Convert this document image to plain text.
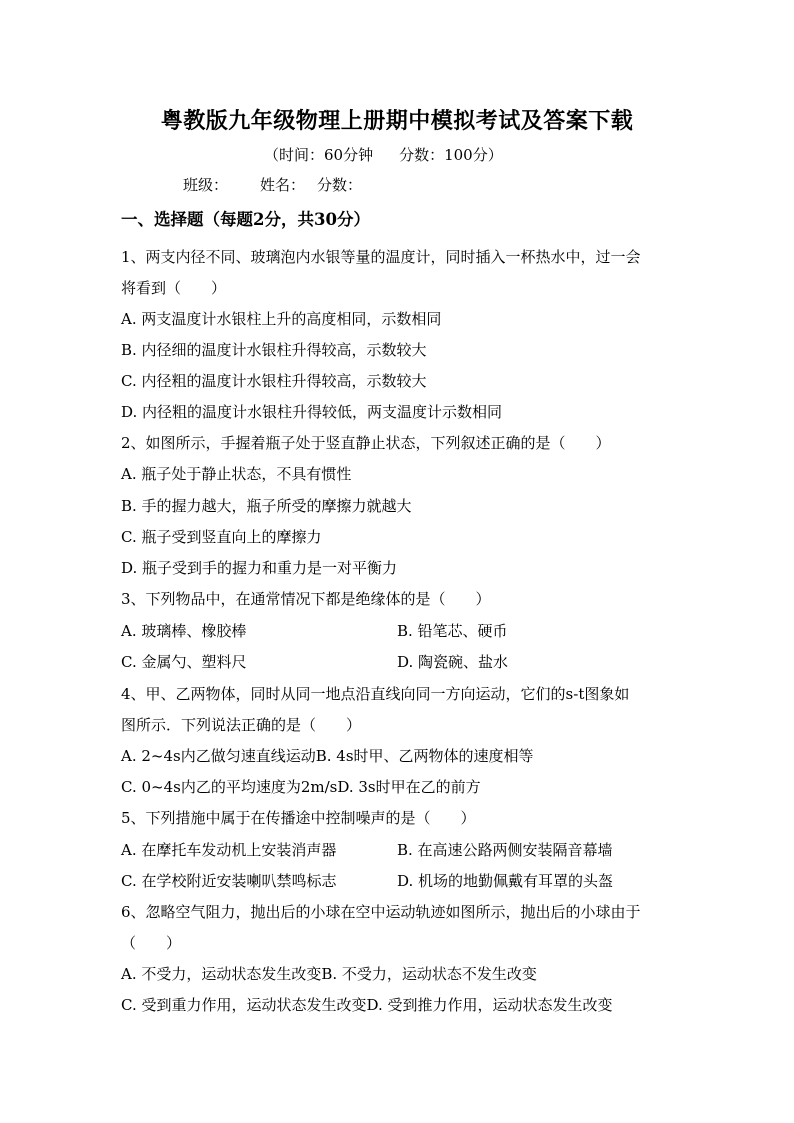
粤教版九年级物理上册期中模拟考试及答案下载
（时间：60分钟 分数：100分）
班级： 姓名： 分数：
一、选择题（每题2分，共30分）
1、两支内径不同、玻璃泡内水银等量的温度计，同时插入一杯热水中，过一会
将看到（　　）
A. 两支温度计水银柱上升的高度相同，示数相同
B. 内径细的温度计水银柱升得较高，示数较大
C. 内径粗的温度计水银柱升得较高，示数较大
D. 内径粗的温度计水银柱升得较低，两支温度计示数相同
2、如图所示，手握着瓶子处于竖直静止状态，下列叙述正确的是（　　）
A. 瓶子处于静止状态，不具有惯性
B. 手的握力越大，瓶子所受的摩擦力就越大
C. 瓶子受到竖直向上的摩擦力
D. 瓶子受到手的握力和重力是一对平衡力
3、下列物品中，在通常情况下都是绝缘体的是（　　）
A. 玻璃棒、橡胶棒	B. 铅笔芯、硬币
C. 金属勺、塑料尺	D. 陶瓷碗、盐水
4、甲、乙两物体，同时从同一地点沿直线向同一方向运动，它们的s-t图象如
图所示．下列说法正确的是（　　）
A. 2~4s内乙做匀速直线运动B. 4s时甲、乙两物体的速度相等
C. 0~4s内乙的平均速度为2m/sD. 3s时甲在乙的前方
5、下列措施中属于在传播途中控制噪声的是（　　）
A. 在摩托车发动机上安装消声器	B. 在高速公路两侧安装隔音幕墙
C. 在学校附近安装喇叭禁鸣标志	D. 机场的地勤佩戴有耳罩的头盔
6、忽略空气阻力，抛出后的小球在空中运动轨迹如图所示，抛出后的小球由于
（　　）
A. 不受力，运动状态发生改变B. 不受力，运动状态不发生改变
C. 受到重力作用，运动状态发生改变D. 受到推力作用，运动状态发生改变
